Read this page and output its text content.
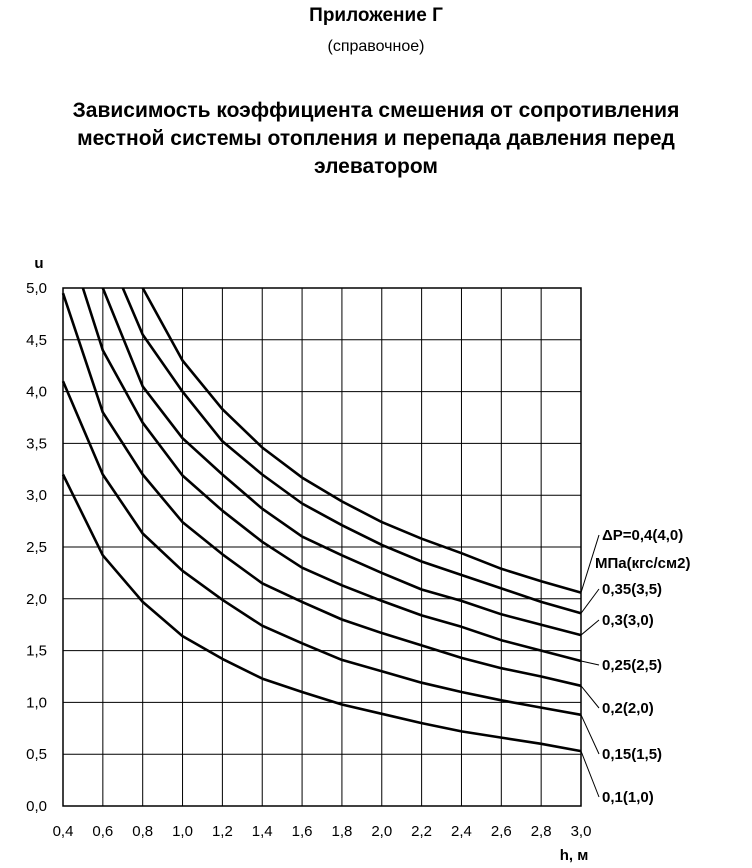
Приложение Г
(справочное)
Зависимость коэффициента смешения от сопротивления
местной системы отопления и перепада давления перед
элеватором
0,4 0,6 0,8 1,0 1,2 1,4 1,6 1,8 2,0 2,2 2,4 2,6 2,8 3,0
0,0
0,5
1,0
1,5
2,0
2,5
3,0
3,5
4,0
4,5
5,0
u
h, м
ΔP=0,4(4,0)
0,35(3,5)
0,3(3,0)
0,25(2,5)
0,2(2,0)
0,15(1,5)
0,1(1,0)
МПа(кгс/см2)
